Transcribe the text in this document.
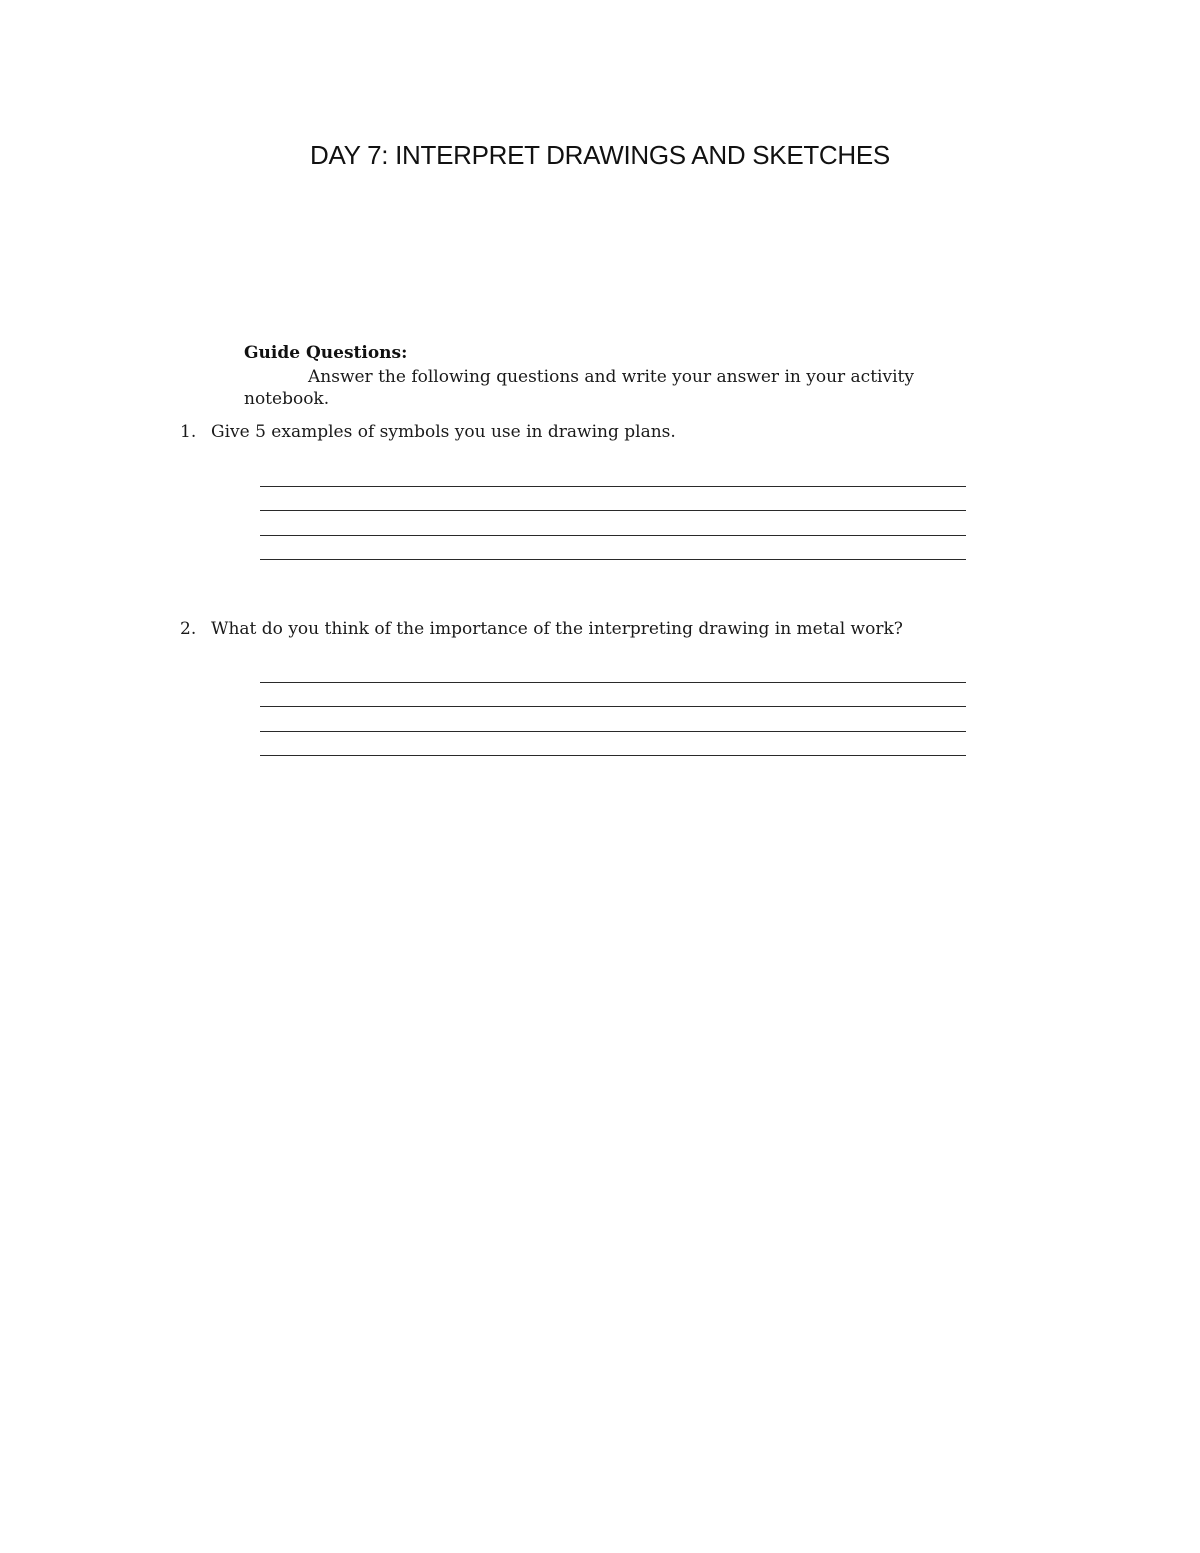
DAY 7: INTERPRET DRAWINGS AND SKETCHES
Guide Questions:

Answer the following questions and write your answer in your activity notebook.

1. Give 5 examples of symbols you use in drawing plans.
2. What do you think of the importance of the interpreting drawing in metal work?
